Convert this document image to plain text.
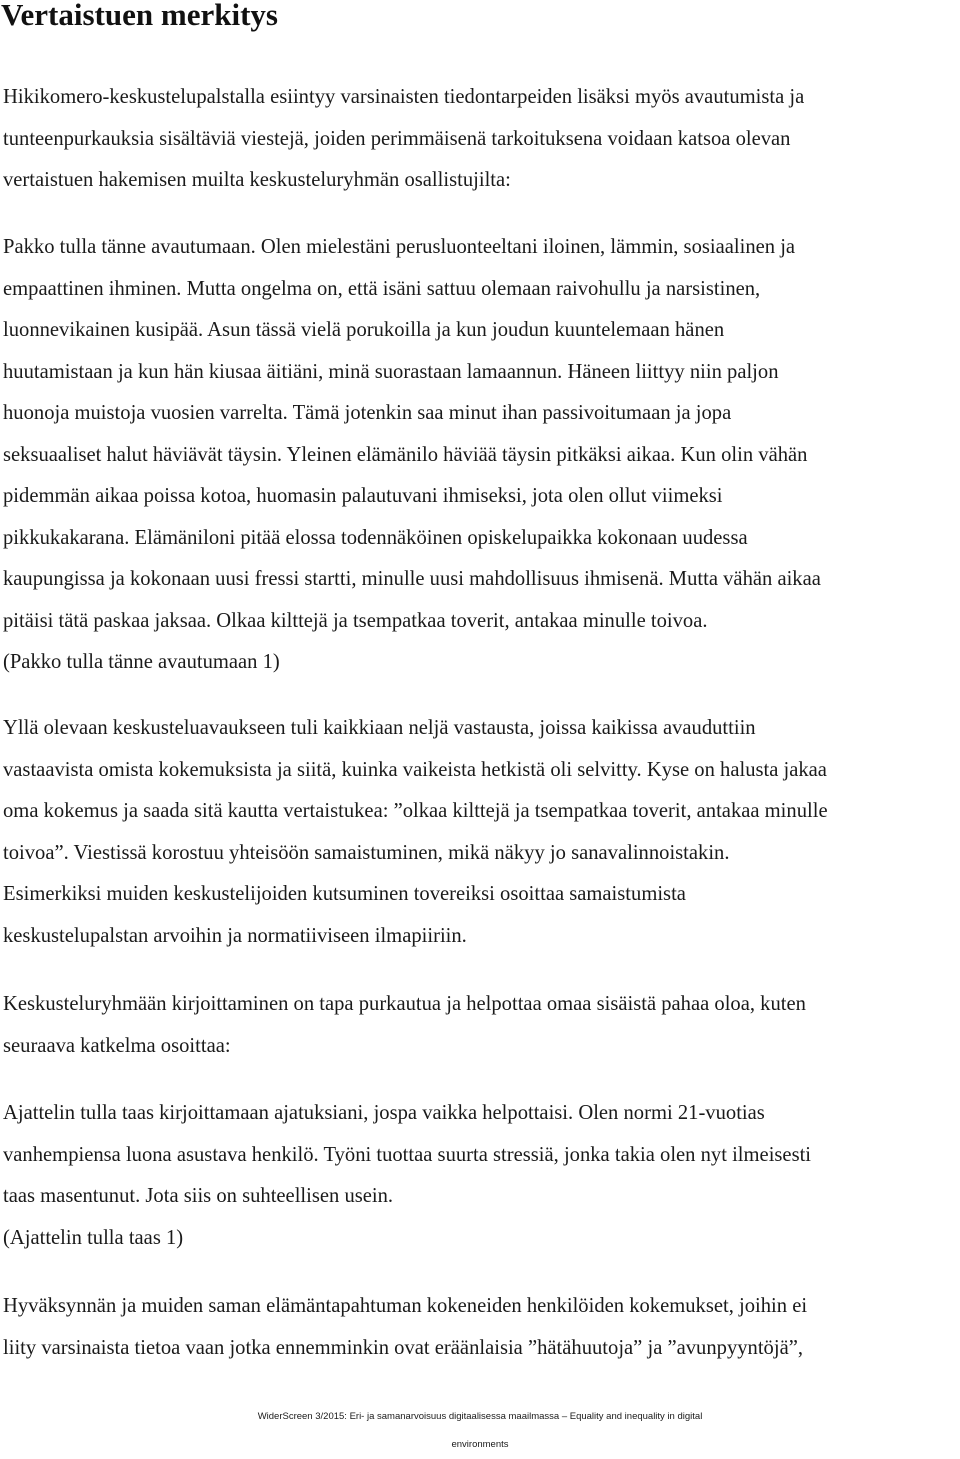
Vertaistuen merkitys
Hikikomero-keskustelupalstalla esiintyy varsinaisten tiedontarpeiden lisäksi myös avautumista ja
tunteenpurkauksia sisältäviä viestejä, joiden perimmäisenä tarkoituksena voidaan katsoa olevan
vertaistuen hakemisen muilta keskusteluryhmän osallistujilta:
Pakko tulla tänne avautumaan. Olen mielestäni perusluonteeltani iloinen, lämmin, sosiaalinen ja
empaattinen ihminen. Mutta ongelma on, että isäni sattuu olemaan raivohullu ja narsistinen,
luonnevikainen kusipää. Asun tässä vielä porukoilla ja kun joudun kuuntelemaan hänen
huutamistaan ja kun hän kiusaa äitiäni, minä suorastaan lamaannun. Häneen liittyy niin paljon
huonoja muistoja vuosien varrelta. Tämä jotenkin saa minut ihan passivoitumaan ja jopa
seksuaaliset halut häviävät täysin. Yleinen elämänilo häviää täysin pitkäksi aikaa. Kun olin vähän
pidemmän aikaa poissa kotoa, huomasin palautuvani ihmiseksi, jota olen ollut viimeksi
pikkukakarana. Elämäniloni pitää elossa todennäköinen opiskelupaikka kokonaan uudessa
kaupungissa ja kokonaan uusi fressi startti, minulle uusi mahdollisuus ihmisenä. Mutta vähän aikaa
pitäisi tätä paskaa jaksaa. Olkaa kilttejä ja tsempatkaa toverit, antakaa minulle toivoa.
(Pakko tulla tänne avautumaan 1)
Yllä olevaan keskusteluavaukseen tuli kaikkiaan neljä vastausta, joissa kaikissa avauduttiin
vastaavista omista kokemuksista ja siitä, kuinka vaikeista hetkistä oli selvitty. Kyse on halusta jakaa
oma kokemus ja saada sitä kautta vertaistukea: ”olkaa kilttejä ja tsempatkaa toverit, antakaa minulle
toivoa”. Viestissä korostuu yhteisöön samaistuminen, mikä näkyy jo sanavalinnoistakin.
Esimerkiksi muiden keskustelijoiden kutsuminen tovereiksi osoittaa samaistumista
keskustelupalstan arvoihin ja normatiiviseen ilmapiiriin.
Keskusteluryhmään kirjoittaminen on tapa purkautua ja helpottaa omaa sisäistä pahaa oloa, kuten
seuraava katkelma osoittaa:
Ajattelin tulla taas kirjoittamaan ajatuksiani, jospa vaikka helpottaisi. Olen normi 21-vuotias
vanhempiensa luona asustava henkilö. Työni tuottaa suurta stressiä, jonka takia olen nyt ilmeisesti
taas masentunut. Jota siis on suhteellisen usein.
(Ajattelin tulla taas 1)
Hyväksynnän ja muiden saman elämäntapahtuman kokeneiden henkilöiden kokemukset, joihin ei
liity varsinaista tietoa vaan jotka ennemminkin ovat eräänlaisia ”hätähuutoja” ja ”avunpyyntöjä”,
WiderScreen 3/2015: Eri- ja samanarvoisuus digitaalisessa maailmassa – Equality and inequality in digital
environments
